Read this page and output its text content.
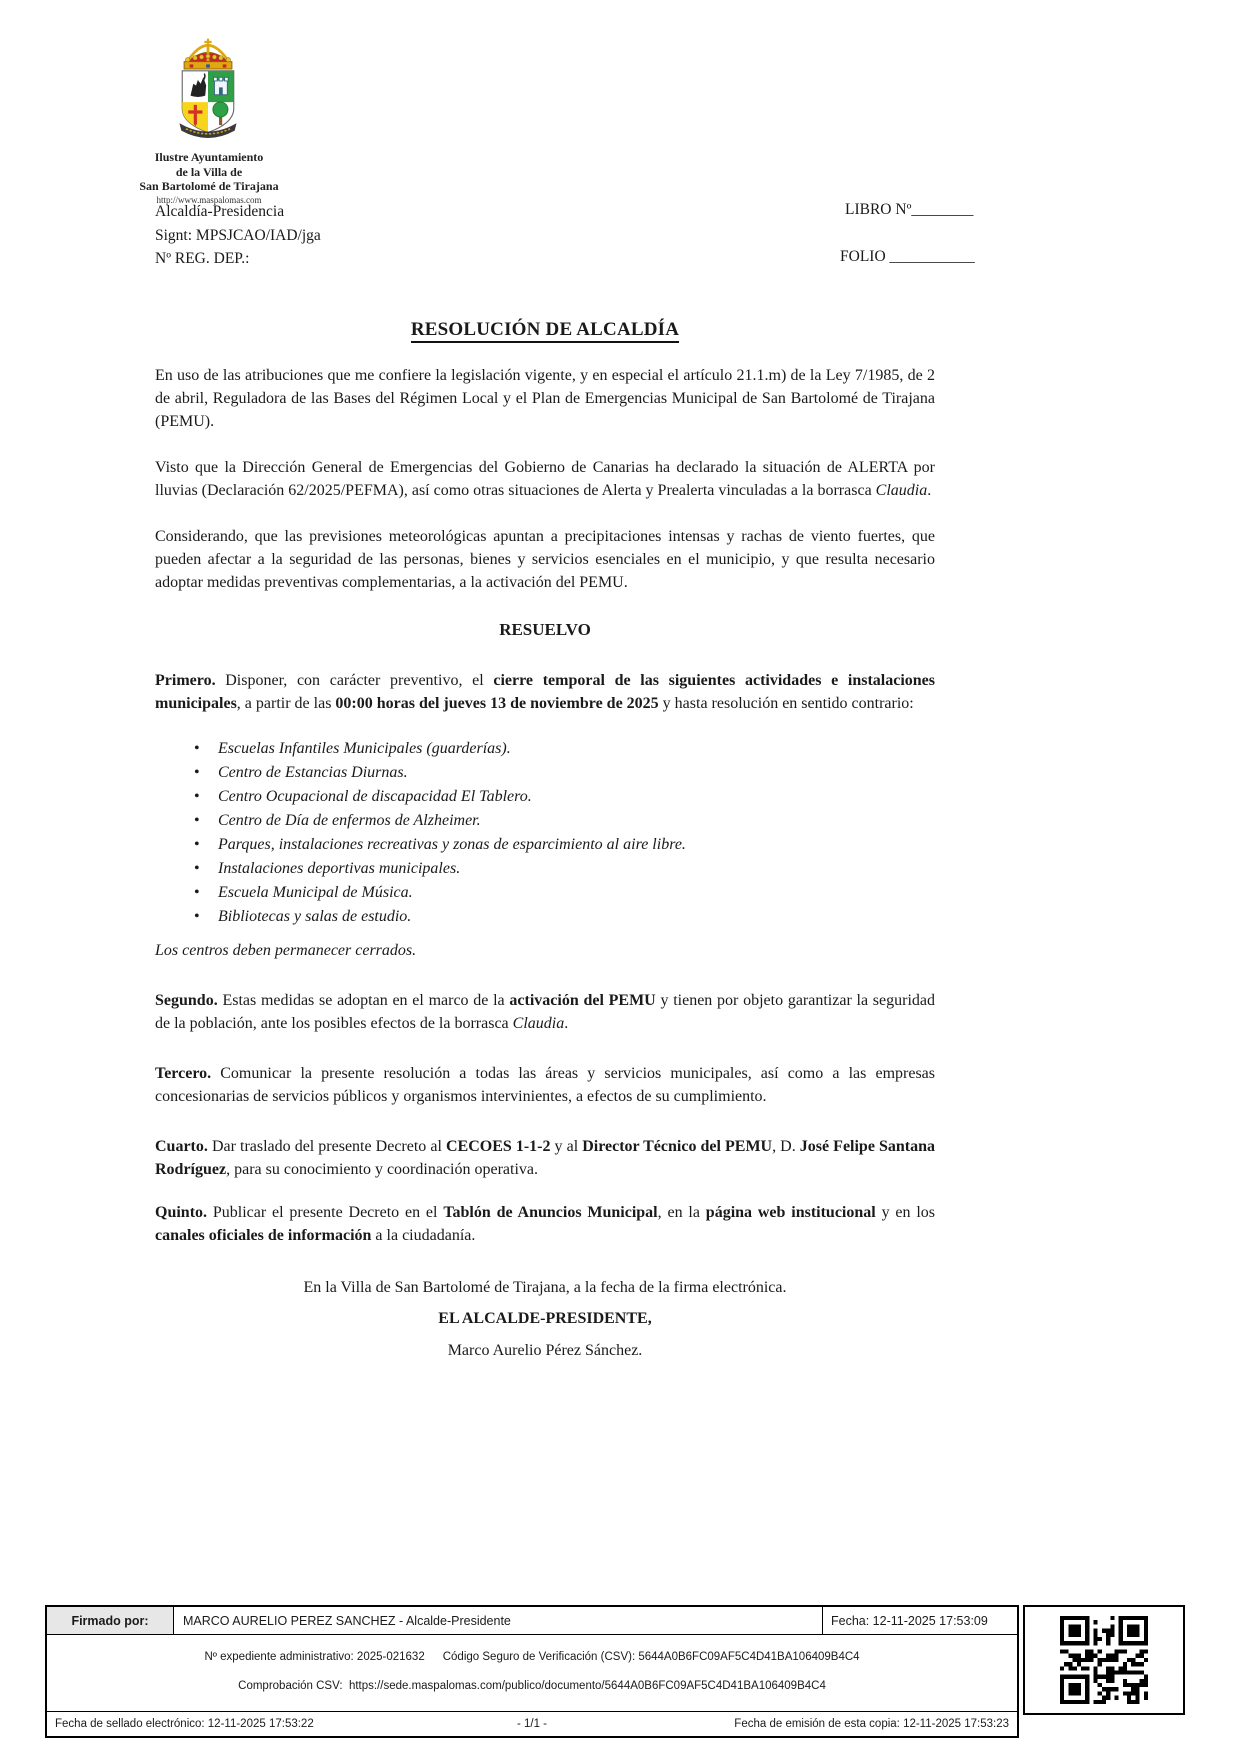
Ilustre Ayuntamiento
de la Villa de
San Bartolomé de Tirajana
http://www.maspalomas.com
Alcaldía-Presidencia
Signt: MPSJCAO/IAD/jga
Nº REG. DEP.:
LIBRO Nº________
FOLIO ___________
RESOLUCIÓN DE ALCALDÍA

En uso de las atribuciones que me confiere la legislación vigente, y en especial el artículo 21.1.m) de la Ley 7/1985, de 2 de abril, Reguladora de las Bases del Régimen Local y el Plan de Emergencias Municipal de San Bartolomé de Tirajana (PEMU).

Visto que la Dirección General de Emergencias del Gobierno de Canarias ha declarado la situación de ALERTA por lluvias (Declaración 62/2025/PEFMA), así como otras situaciones de Alerta y Prealerta vinculadas a la borrasca Claudia.

Considerando, que las previsiones meteorológicas apuntan a precipitaciones intensas y rachas de viento fuertes, que pueden afectar a la seguridad de las personas, bienes y servicios esenciales en el municipio, y que resulta necesario adoptar medidas preventivas complementarias, a la activación del PEMU.

RESUELVO

Primero. Disponer, con carácter preventivo, el cierre temporal de las siguientes actividades e instalaciones municipales, a partir de las 00:00 horas del jueves 13 de noviembre de 2025 y hasta resolución en sentido contrario:

• Escuelas Infantiles Municipales (guarderías).
• Centro de Estancias Diurnas.
• Centro Ocupacional de discapacidad El Tablero.
• Centro de Día de enfermos de Alzheimer.
• Parques, instalaciones recreativas y zonas de esparcimiento al aire libre.
• Instalaciones deportivas municipales.
• Escuela Municipal de Música.
• Bibliotecas y salas de estudio.

Los centros deben permanecer cerrados.

Segundo. Estas medidas se adoptan en el marco de la activación del PEMU y tienen por objeto garantizar la seguridad de la población, ante los posibles efectos de la borrasca Claudia.

Tercero. Comunicar la presente resolución a todas las áreas y servicios municipales, así como a las empresas concesionarias de servicios públicos y organismos intervinientes, a efectos de su cumplimiento.

Cuarto. Dar traslado del presente Decreto al CECOES 1-1-2 y al Director Técnico del PEMU, D. José Felipe Santana Rodríguez, para su conocimiento y coordinación operativa.

Quinto. Publicar el presente Decreto en el Tablón de Anuncios Municipal, en la página web institucional y en los canales oficiales de información a la ciudadanía.

En la Villa de San Bartolomé de Tirajana, a la fecha de la firma electrónica.

EL ALCALDE-PRESIDENTE,

Marco Aurelio Pérez Sánchez.

Firmado por:	MARCO AURELIO PEREZ SANCHEZ - Alcalde-Presidente	Fecha: 12-11-2025 17:53:09
Nº expediente administrativo: 2025-021632 Código Seguro de Verificación (CSV): 5644A0B6FC09AF5C4D41BA106409B4C4
Comprobación CSV: https://sede.maspalomas.com/publico/documento/5644A0B6FC09AF5C4D41BA106409B4C4
Fecha de sellado electrónico: 12-11-2025 17:53:22	- 1/1 -	Fecha de emisión de esta copia: 12-11-2025 17:53:23
